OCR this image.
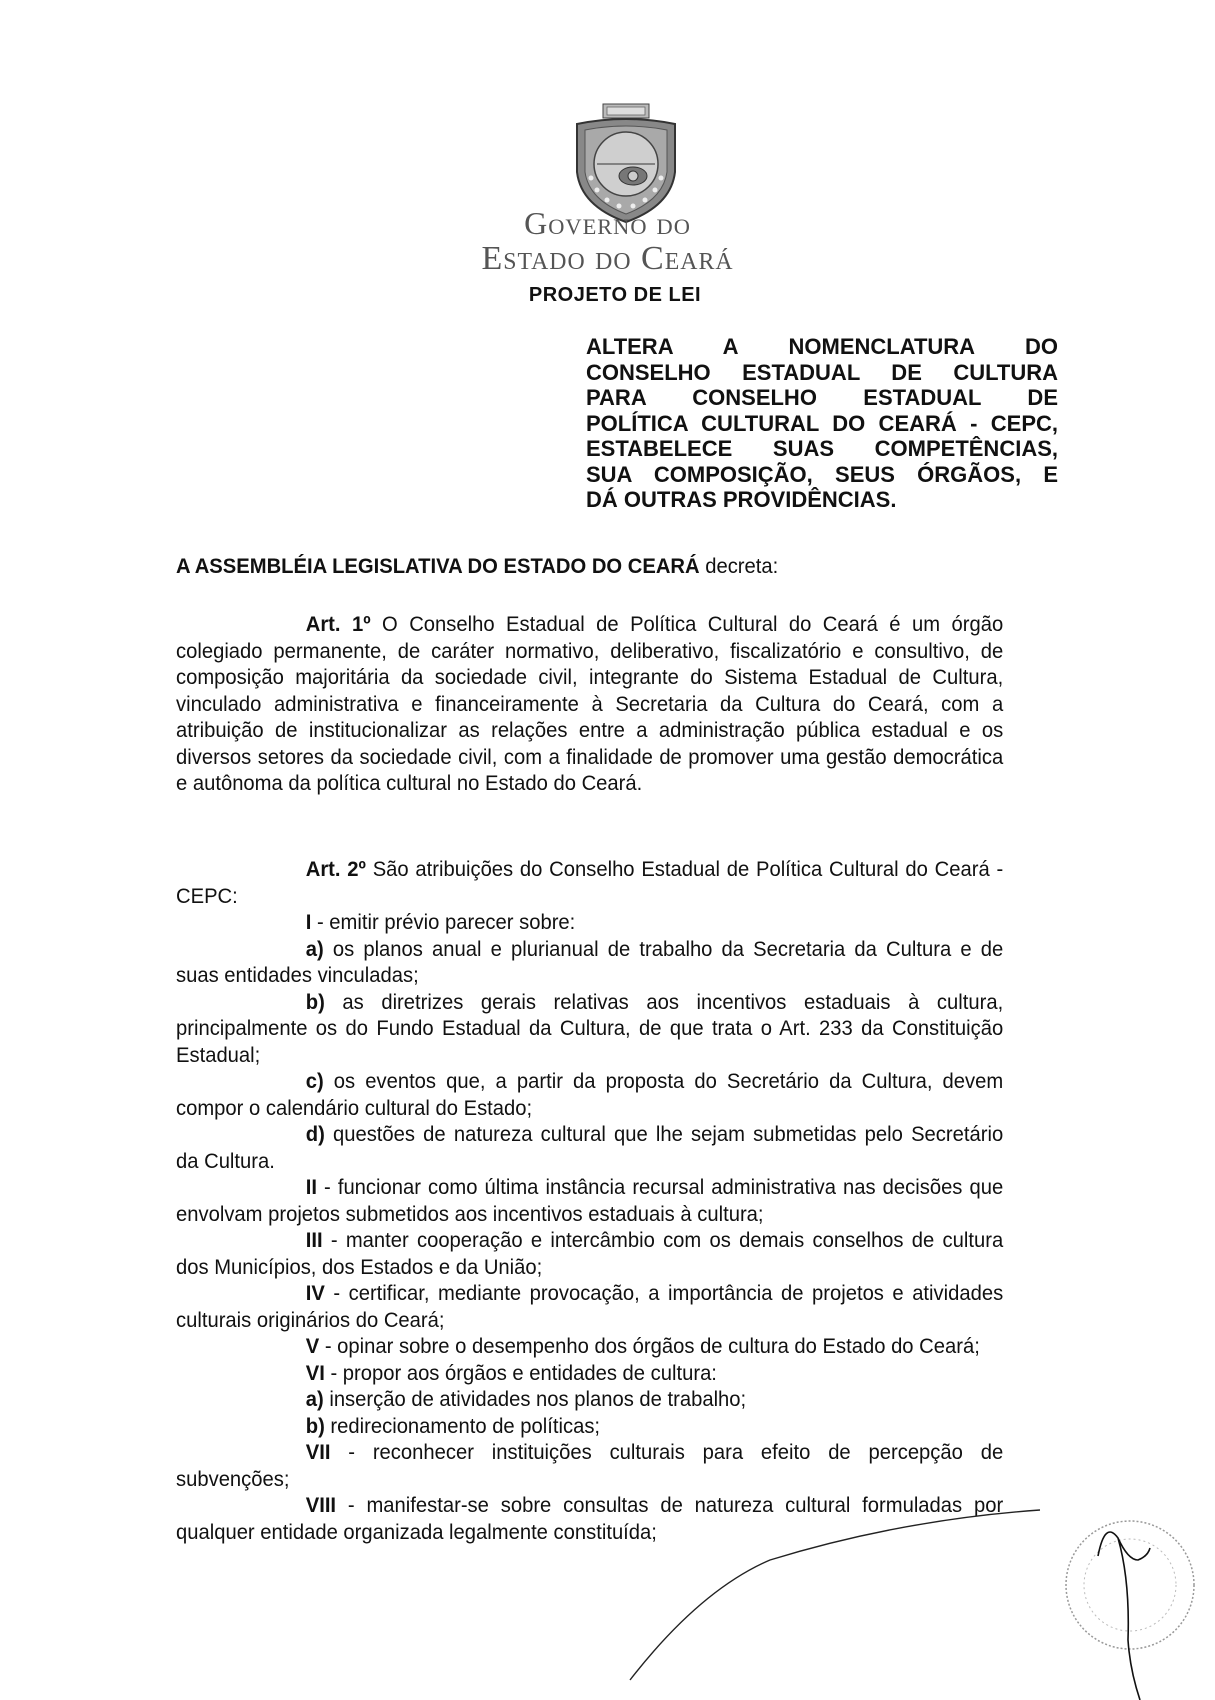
GOVERNO DO
ESTADO DO CEARÁ
PROJETO DE LEI
ALTERA A NOMENCLATURA DO
CONSELHO ESTADUAL DE CULTURA
PARA CONSELHO ESTADUAL DE
POLÍTICA CULTURAL DO CEARÁ - CEPC,
ESTABELECE SUAS COMPETÊNCIAS,
SUA COMPOSIÇÃO, SEUS ÓRGÃOS, E
DÁ OUTRAS PROVIDÊNCIAS.

A ASSEMBLÉIA LEGISLATIVA DO ESTADO DO CEARÁ decreta:

Art. 1º O Conselho Estadual de Política Cultural do Ceará é um órgão colegiado permanente, de caráter normativo, deliberativo, fiscalizatório e consultivo, de composição majoritária da sociedade civil, integrante do Sistema Estadual de Cultura, vinculado administrativa e financeiramente à Secretaria da Cultura do Ceará, com a atribuição de institucionalizar as relações entre a administração pública estadual e os diversos setores da sociedade civil, com a finalidade de promover uma gestão democrática e autônoma da política cultural no Estado do Ceará.

Art. 2º São atribuições do Conselho Estadual de Política Cultural do Ceará - CEPC:

I - emitir prévio parecer sobre:

a) os planos anual e plurianual de trabalho da Secretaria da Cultura e de suas entidades vinculadas;

b) as diretrizes gerais relativas aos incentivos estaduais à cultura, principalmente os do Fundo Estadual da Cultura, de que trata o Art. 233 da Constituição Estadual;

c) os eventos que, a partir da proposta do Secretário da Cultura, devem compor o calendário cultural do Estado;

d) questões de natureza cultural que lhe sejam submetidas pelo Secretário da Cultura.

II - funcionar como última instância recursal administrativa nas decisões que envolvam projetos submetidos aos incentivos estaduais à cultura;

III - manter cooperação e intercâmbio com os demais conselhos de cultura dos Municípios, dos Estados e da União;

IV - certificar, mediante provocação, a importância de projetos e atividades culturais originários do Ceará;

V - opinar sobre o desempenho dos órgãos de cultura do Estado do Ceará;

VI - propor aos órgãos e entidades de cultura:

a) inserção de atividades nos planos de trabalho;

b) redirecionamento de políticas;

VII - reconhecer instituições culturais para efeito de percepção de subvenções;

VIII - manifestar-se sobre consultas de natureza cultural formuladas por qualquer entidade organizada legalmente constituída;
